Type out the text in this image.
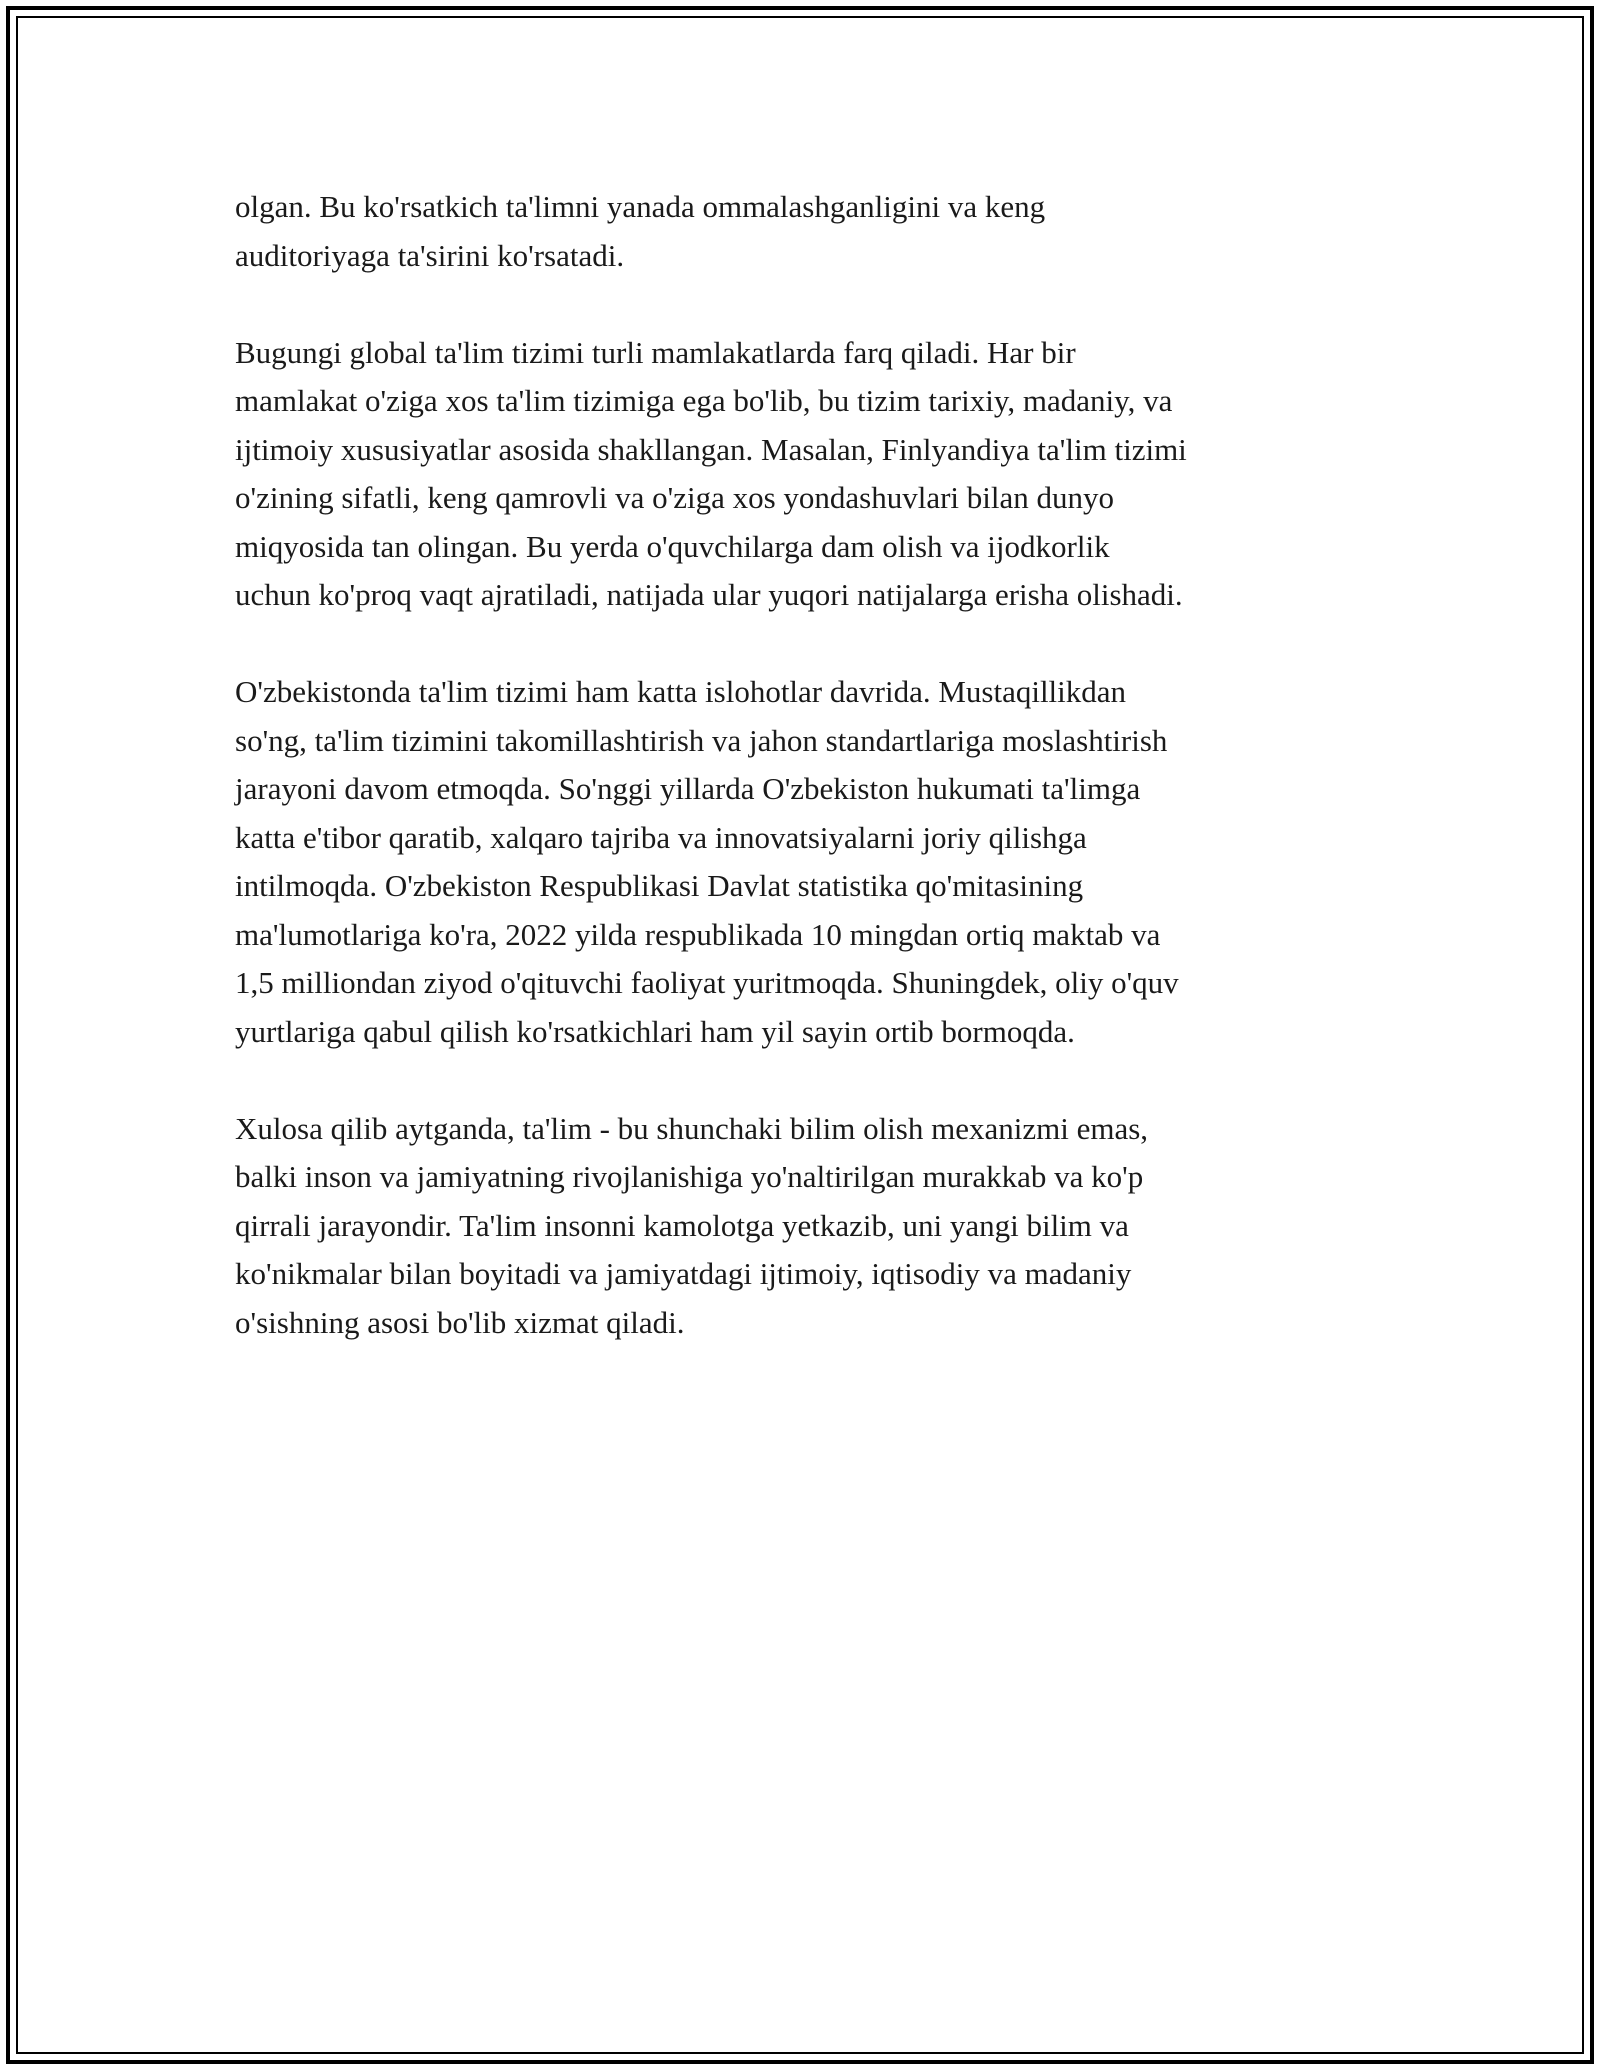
olgan. Bu ko'rsatkich ta'limni yanada ommalashganligini va keng
auditoriyaga ta'sirini ko'rsatadi.

Bugungi global ta'lim tizimi turli mamlakatlarda farq qiladi. Har bir
mamlakat o'ziga xos ta'lim tizimiga ega bo'lib, bu tizim tarixiy, madaniy, va
ijtimoiy xususiyatlar asosida shakllangan. Masalan, Finlyandiya ta'lim tizimi
o'zining sifatli, keng qamrovli va o'ziga xos yondashuvlari bilan dunyo
miqyosida tan olingan. Bu yerda o'quvchilarga dam olish va ijodkorlik
uchun ko'proq vaqt ajratiladi, natijada ular yuqori natijalarga erisha olishadi.

O'zbekistonda ta'lim tizimi ham katta islohotlar davrida. Mustaqillikdan
so'ng, ta'lim tizimini takomillashtirish va jahon standartlariga moslashtirish
jarayoni davom etmoqda. So'nggi yillarda O'zbekiston hukumati ta'limga
katta e'tibor qaratib, xalqaro tajriba va innovatsiyalarni joriy qilishga
intilmoqda. O'zbekiston Respublikasi Davlat statistika qo'mitasining
ma'lumotlariga ko'ra, 2022 yilda respublikada 10 mingdan ortiq maktab va
1,5 milliondan ziyod o'qituvchi faoliyat yuritmoqda. Shuningdek, oliy o'quv
yurtlariga qabul qilish ko'rsatkichlari ham yil sayin ortib bormoqda.

Xulosa qilib aytganda, ta'lim - bu shunchaki bilim olish mexanizmi emas,
balki inson va jamiyatning rivojlanishiga yo'naltirilgan murakkab va ko'p
qirrali jarayondir. Ta'lim insonni kamolotga yetkazib, uni yangi bilim va
ko'nikmalar bilan boyitadi va jamiyatdagi ijtimoiy, iqtisodiy va madaniy
o'sishning asosi bo'lib xizmat qiladi.
